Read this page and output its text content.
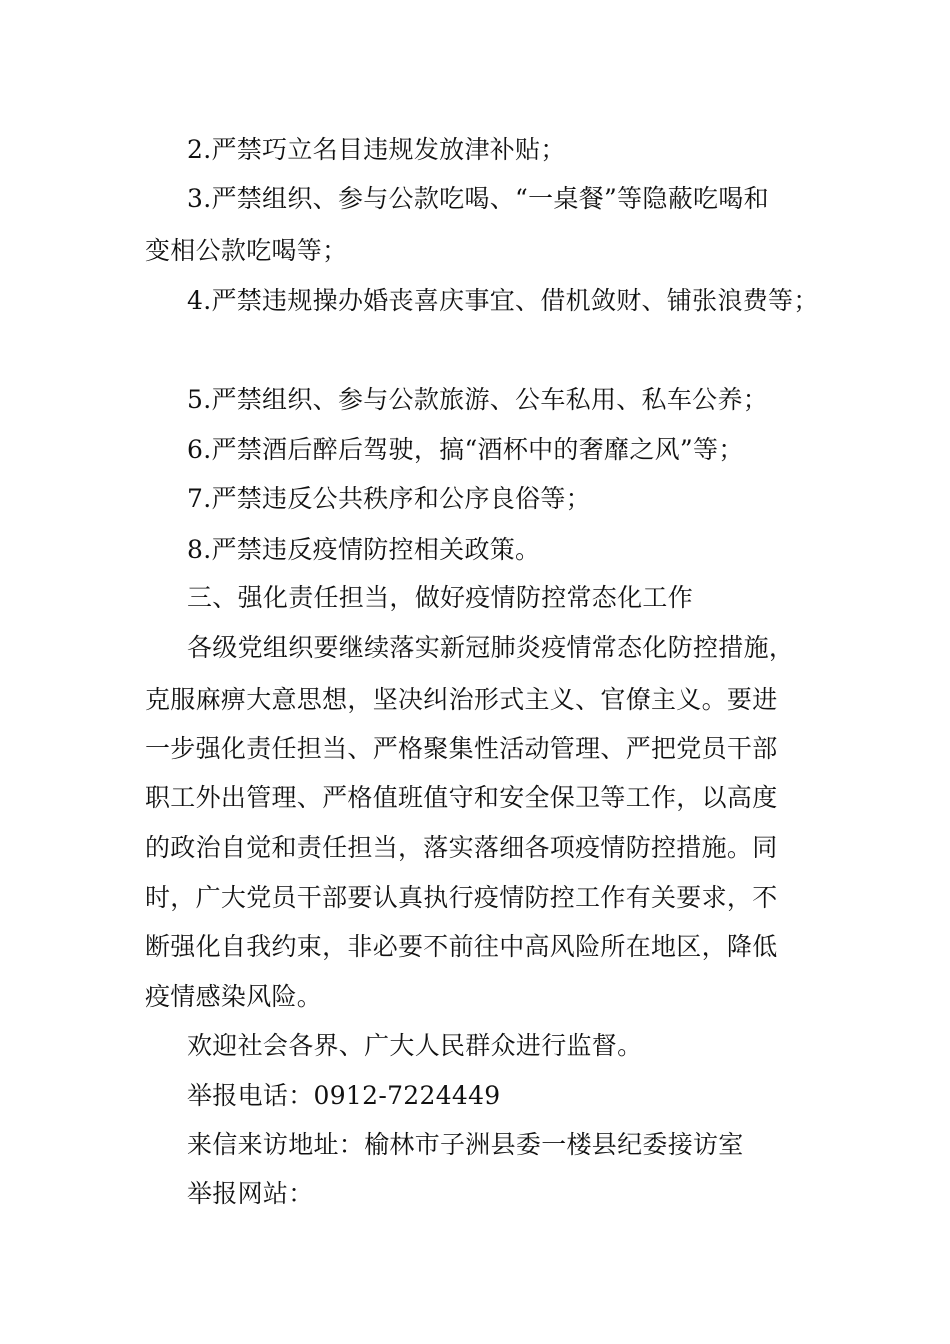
2.严禁巧立名目违规发放津补贴；
3.严禁组织、参与公款吃喝、“一桌餐”等隐蔽吃喝和
变相公款吃喝等；
4.严禁违规操办婚丧喜庆事宜、借机敛财、铺张浪费等；
5.严禁组织、参与公款旅游、公车私用、私车公养；
6.严禁酒后醉后驾驶，搞“酒杯中的奢靡之风”等；
7.严禁违反公共秩序和公序良俗等；
8.严禁违反疫情防控相关政策。
三、强化责任担当，做好疫情防控常态化工作
各级党组织要继续落实新冠肺炎疫情常态化防控措施，
克服麻痹大意思想，坚决纠治形式主义、官僚主义。要进
一步强化责任担当、严格聚集性活动管理、严把党员干部
职工外出管理、严格值班值守和安全保卫等工作，以高度
的政治自觉和责任担当，落实落细各项疫情防控措施。同
时，广大党员干部要认真执行疫情防控工作有关要求，不
断强化自我约束，非必要不前往中高风险所在地区，降低
疫情感染风险。
欢迎社会各界、广大人民群众进行监督。
举报电话：0912-7224449
来信来访地址：榆林市子洲县委一楼县纪委接访室
举报网站：
